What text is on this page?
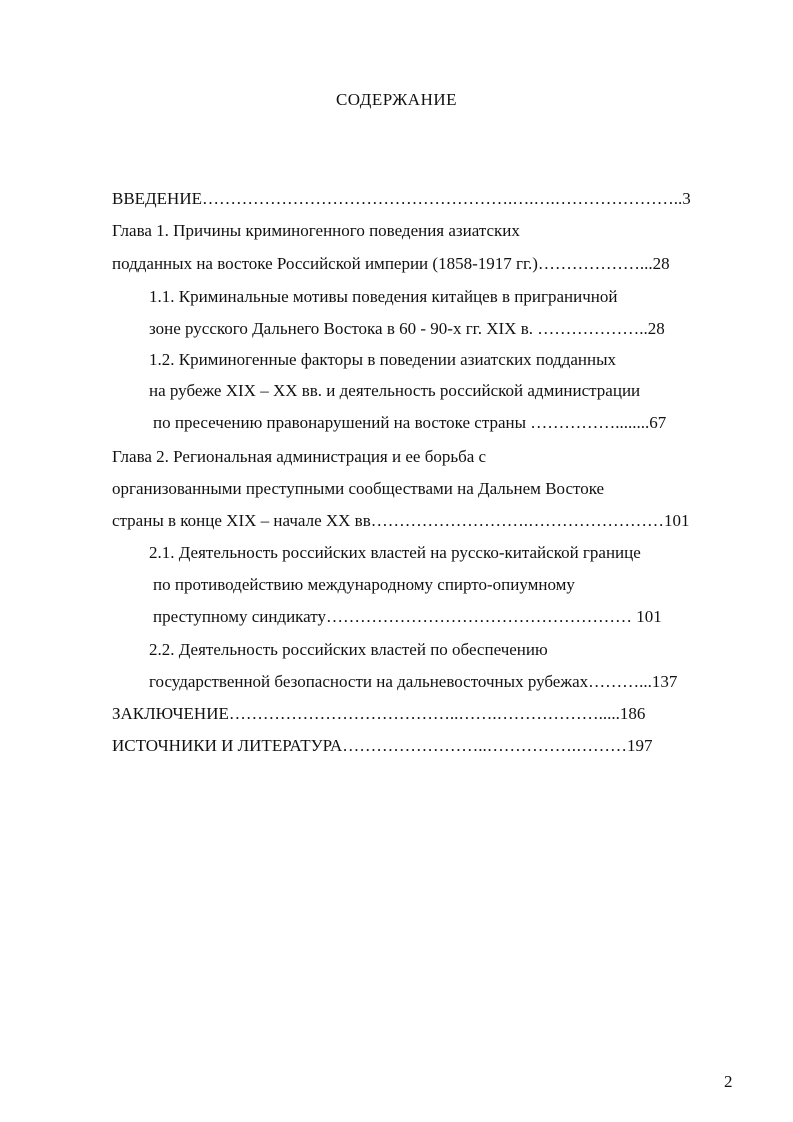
СОДЕРЖАНИЕ
ВВЕДЕНИЕ……………………………………………….….….…………………..3
Глава 1. Причины криминогенного поведения азиатских
подданных на востоке Российской империи (1858-1917 гг.)………………...28
1.1. Криминальные мотивы поведения китайцев в приграничной
зоне русского Дальнего Востока в 60 - 90-х гг. XIX в. ………………..28
1.2. Криминогенные факторы в поведении азиатских подданных
на рубеже XIX – XX вв. и деятельность российской администрации
по пресечению правонарушений на востоке страны ……………........67
Глава 2. Региональная администрация и ее борьба с
организованными преступными сообществами на Дальнем Востоке
страны в конце XIX – начале XX вв……………………….……………………101
2.1. Деятельность российских властей на русско-китайской границе
по противодействию международному спирто-опиумному
преступному синдикату……………………………………………… 101
2.2. Деятельность российских властей по обеспечению
государственной безопасности на дальневосточных рубежах………...137
ЗАКЛЮЧЕНИЕ…………………………………..…….……………….....186
ИСТОЧНИКИ И ЛИТЕРАТУРА……………………..…………….………197
2
